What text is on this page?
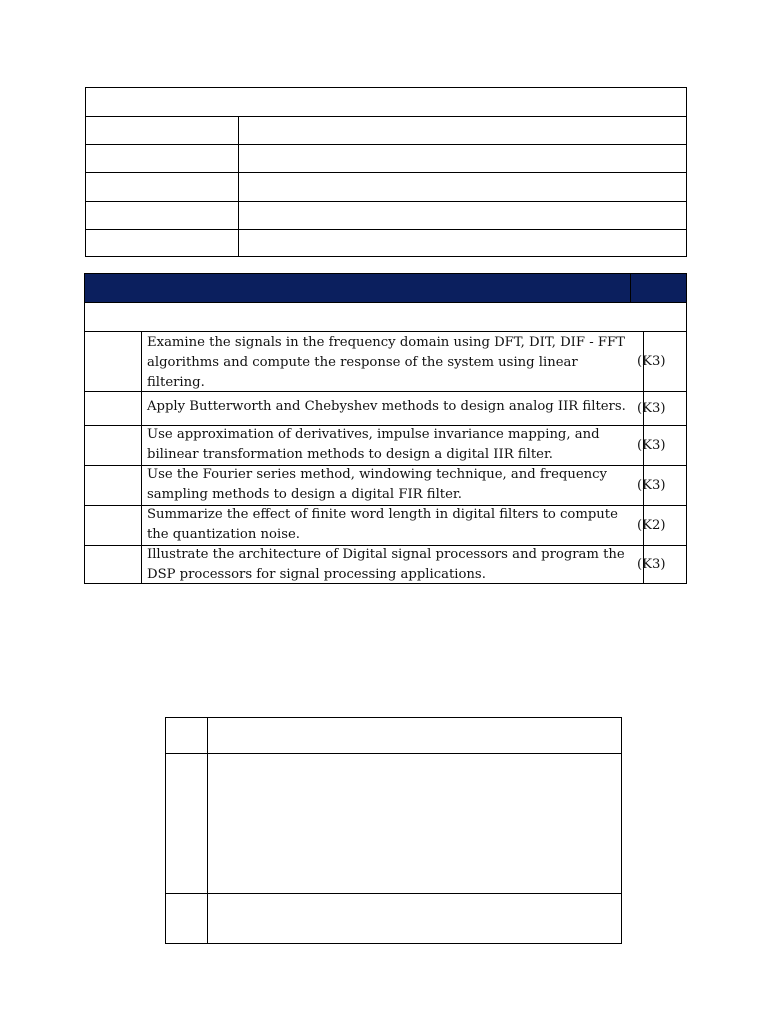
Examine the signals in the frequency domain using DFT, DIT, DIF - FFT algorithms and compute the response of the system using linear filtering.
(K3)
Apply Butterworth and Chebyshev methods to design analog IIR filters. (K3)
Use approximation of derivatives, impulse invariance mapping, and bilinear transformation methods to design a digital IIR filter.
(K3)
Use the Fourier series method, windowing technique, and frequency sampling methods to design a digital FIR filter.
(K3)
Summarize the effect of finite word length in digital filters to compute the quantization noise.
(K2)
Illustrate the architecture of Digital signal processors and program the DSP processors for signal processing applications.
(K3)
